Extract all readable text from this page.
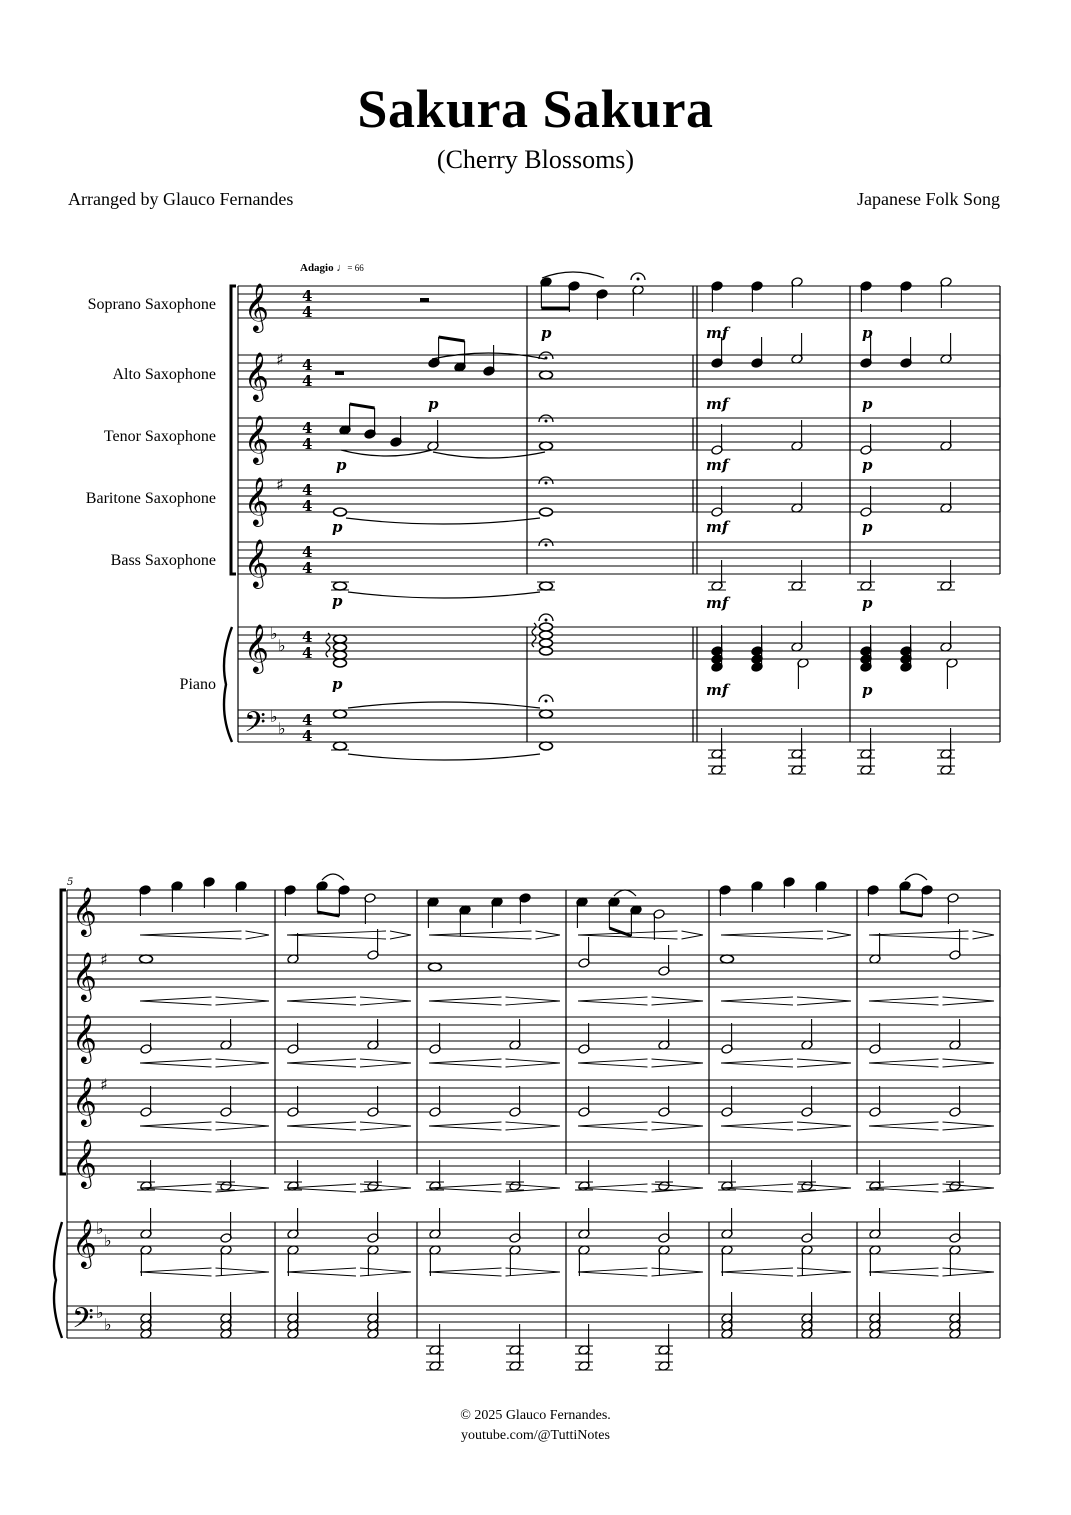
Sakura Sakura
(Cherry Blossoms)
Arranged by Glauco Fernandes	Japanese Folk Song
Adagio ♩= 66
Soprano Saxophone
Alto Saxophone
Tenor Saxophone
Baritone Saxophone
Bass Saxophone
Piano
𝄞 4
4
𝄞 ♯ 4
4
𝄞 4
4
𝄞 ♯ 4
4
𝄞 4
4
𝄞 ♭
♭ 4
4
𝄢 ♭
♭ 4
4
p	mf	p
p	mf	p
p	mf	p
p	mf	p
p	mf	p
p	mf	p
5
𝄞
𝄞 ♯
𝄞
𝄞 ♯
𝄞
𝄞 ♭
♭
𝄢 ♭
♭
© 2025 Glauco Fernandes.
youtube.com/@TuttiNotes
